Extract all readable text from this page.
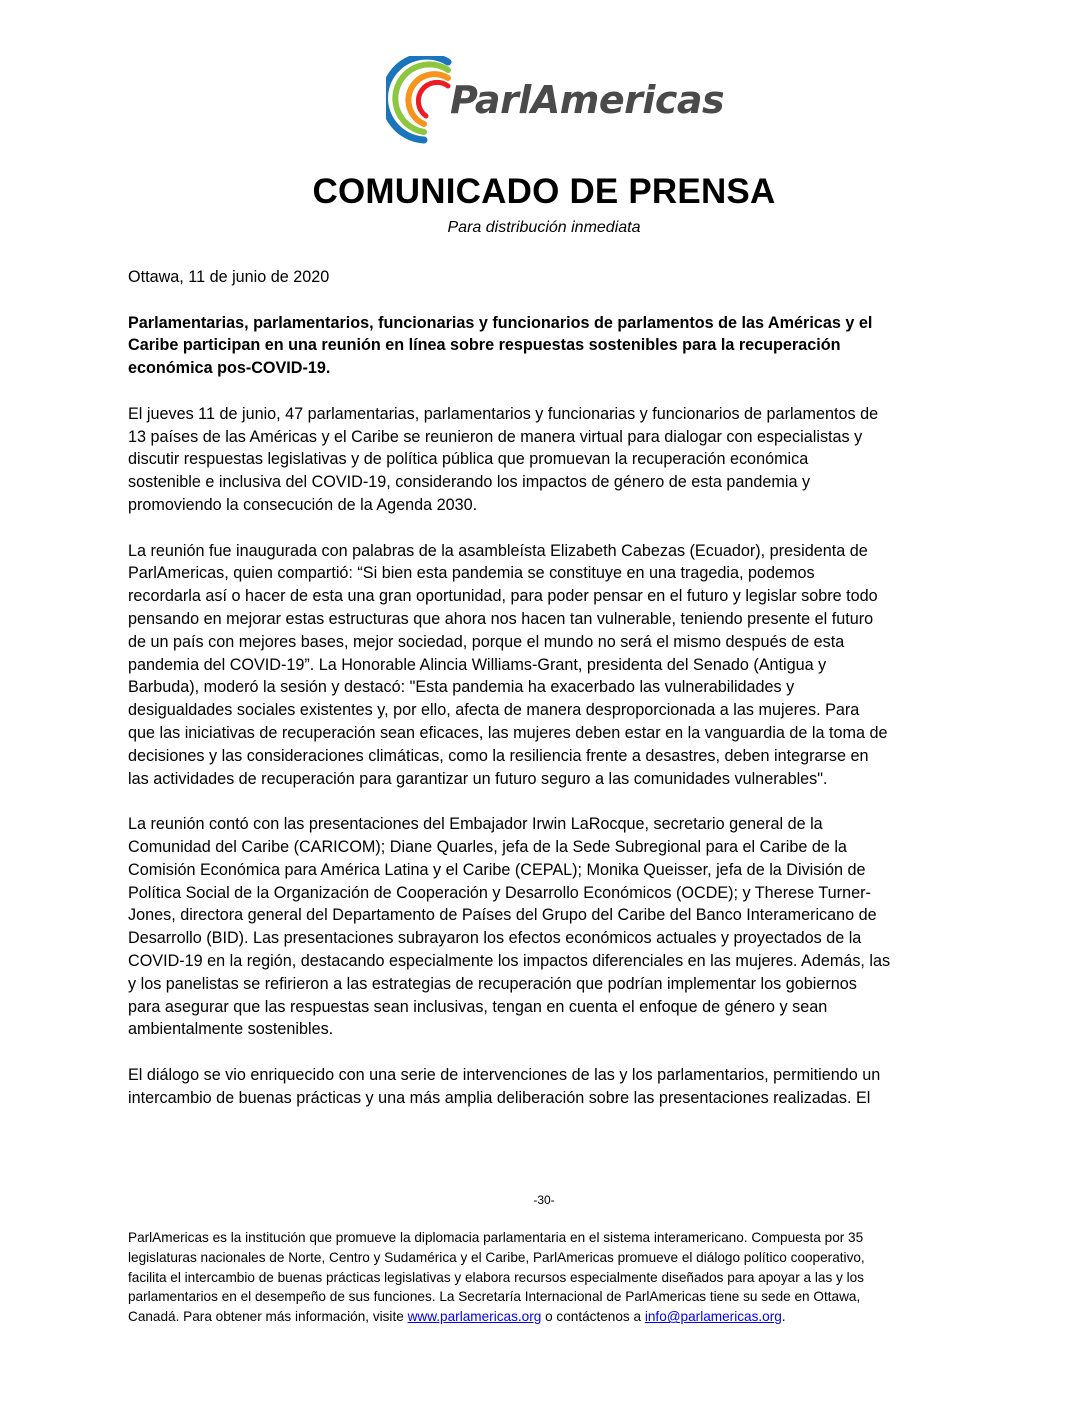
ParlAmericas
COMUNICADO DE PRENSA
Para distribución inmediata

Ottawa, 11 de junio de 2020

Parlamentarias, parlamentarios, funcionarias y funcionarios de parlamentos de las Américas y el
Caribe participan en una reunión en línea sobre respuestas sostenibles para la recuperación
económica pos-COVID-19.

El jueves 11 de junio, 47 parlamentarias, parlamentarios y funcionarias y funcionarios de parlamentos de
13 países de las Américas y el Caribe se reunieron de manera virtual para dialogar con especialistas y
discutir respuestas legislativas y de política pública que promuevan la recuperación económica
sostenible e inclusiva del COVID-19, considerando los impactos de género de esta pandemia y
promoviendo la consecución de la Agenda 2030.

La reunión fue inaugurada con palabras de la asambleísta Elizabeth Cabezas (Ecuador), presidenta de
ParlAmericas, quien compartió: “Si bien esta pandemia se constituye en una tragedia, podemos
recordarla así o hacer de esta una gran oportunidad, para poder pensar en el futuro y legislar sobre todo
pensando en mejorar estas estructuras que ahora nos hacen tan vulnerable, teniendo presente el futuro
de un país con mejores bases, mejor sociedad, porque el mundo no será el mismo después de esta
pandemia del COVID-19”. La Honorable Alincia Williams-Grant, presidenta del Senado (Antigua y
Barbuda), moderó la sesión y destacó: "Esta pandemia ha exacerbado las vulnerabilidades y
desigualdades sociales existentes y, por ello, afecta de manera desproporcionada a las mujeres. Para
que las iniciativas de recuperación sean eficaces, las mujeres deben estar en la vanguardia de la toma de
decisiones y las consideraciones climáticas, como la resiliencia frente a desastres, deben integrarse en
las actividades de recuperación para garantizar un futuro seguro a las comunidades vulnerables".

La reunión contó con las presentaciones del Embajador Irwin LaRocque, secretario general de la
Comunidad del Caribe (CARICOM); Diane Quarles, jefa de la Sede Subregional para el Caribe de la
Comisión Económica para América Latina y el Caribe (CEPAL); Monika Queisser, jefa de la División de
Política Social de la Organización de Cooperación y Desarrollo Económicos (OCDE); y Therese Turner-
Jones, directora general del Departamento de Países del Grupo del Caribe del Banco Interamericano de
Desarrollo (BID). Las presentaciones subrayaron los efectos económicos actuales y proyectados de la
COVID-19 en la región, destacando especialmente los impactos diferenciales en las mujeres. Además, las
y los panelistas se refirieron a las estrategias de recuperación que podrían implementar los gobiernos
para asegurar que las respuestas sean inclusivas, tengan en cuenta el enfoque de género y sean
ambientalmente sostenibles.

El diálogo se vio enriquecido con una serie de intervenciones de las y los parlamentarios, permitiendo un
intercambio de buenas prácticas y una más amplia deliberación sobre las presentaciones realizadas. El

-30-
ParlAmericas es la institución que promueve la diplomacia parlamentaria en el sistema interamericano. Compuesta por 35
legislaturas nacionales de Norte, Centro y Sudamérica y el Caribe, ParlAmericas promueve el diálogo político cooperativo,
facilita el intercambio de buenas prácticas legislativas y elabora recursos especialmente diseñados para apoyar a las y los
parlamentarios en el desempeño de sus funciones. La Secretaría Internacional de ParlAmericas tiene su sede en Ottawa,
Canadá. Para obtener más información, visite www.parlamericas.org o contáctenos a info@parlamericas.org.
